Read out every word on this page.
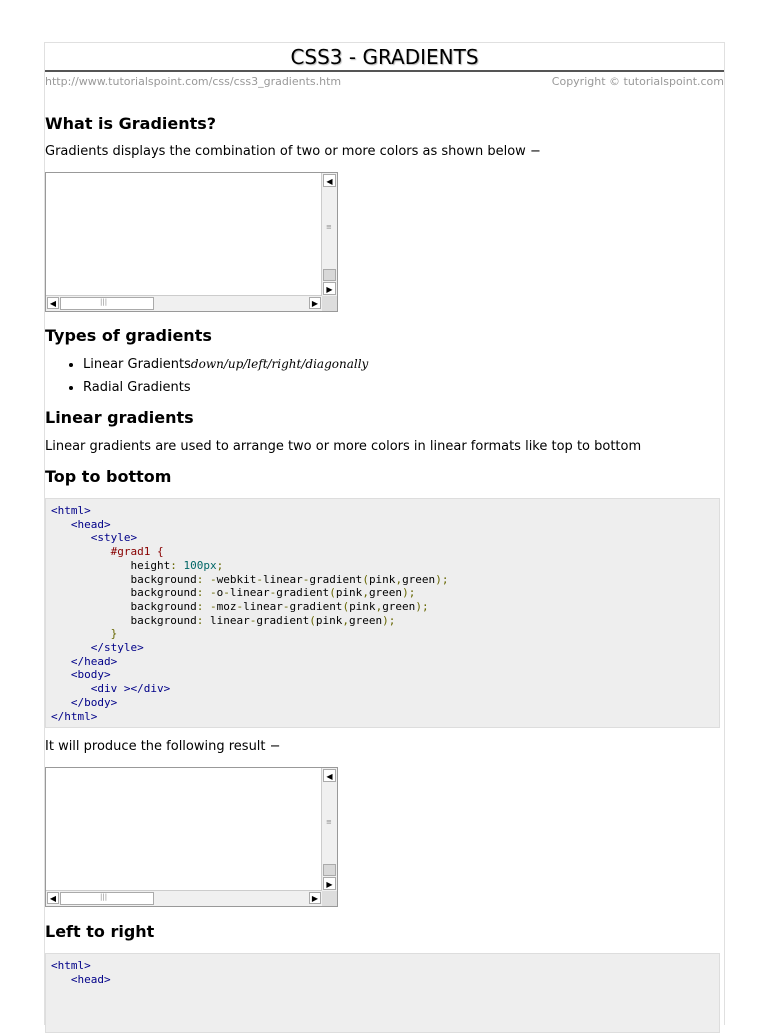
CSS3 - GRADIENTS
http://www.tutorialspoint.com/css/css3_gradients.htm	Copyright © tutorialspoint.com
What is Gradients?

Gradients displays the combination of two or more colors as shown below −

◀
≡
▶
◀	|||	▶
Types of gradients
• Linear Gradientsdown/up/left/right/diagonally
• Radial Gradients
Linear gradients

Linear gradients are used to arrange two or more colors in linear formats like top to bottom

Top to bottom
<html>
<head>
<style>
#grad1 {
height: 100px;
background: -webkit-linear-gradient(pink,green);
background: -o-linear-gradient(pink,green);
background: -moz-linear-gradient(pink,green);
background: linear-gradient(pink,green);
}
</style>
</head>
<body>
<div ></div>
</body>
</html>

It will produce the following result −

◀
≡
▶
◀	|||	▶
Left to right
<html>
<head>
